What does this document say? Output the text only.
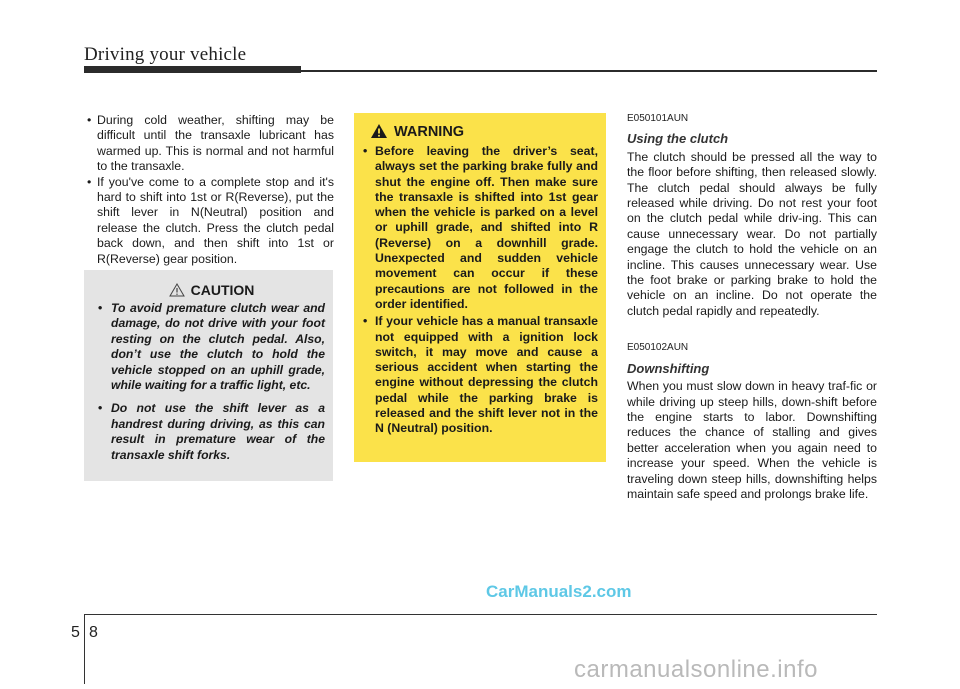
Driving your vehicle
• During cold weather, shifting may be difficult until the transaxle lubricant has warmed up. This is normal and not harmful to the transaxle.
• If you've come to a complete stop and it's hard to shift into 1st or R(Reverse), put the shift lever in N(Neutral) position and release the clutch. Press the clutch pedal back down, and then shift into 1st or R(Reverse) gear position.
CAUTION
• To avoid premature clutch wear and damage, do not drive with your foot resting on the clutch pedal. Also, don’t use the clutch to hold the vehicle stopped on an uphill grade, while waiting for a traffic light, etc.
• Do not use the shift lever as a handrest during driving, as this can result in premature wear of the transaxle shift forks.
WARNING
• Before leaving the driver’s seat, always set the parking brake fully and shut the engine off. Then make sure the transaxle is shifted into 1st gear when the vehicle is parked on a level or uphill grade, and shifted into R (Reverse) on a downhill grade. Unexpected and sudden vehicle movement can occur if these precautions are not followed in the order identified.
• If your vehicle has a manual transaxle not equipped with a ignition lock switch, it may move and cause a serious accident when starting the engine without depressing the clutch pedal while the parking brake is released and the shift lever not in the N (Neutral) position.
E050101AUN
Using the clutch

The clutch should be pressed all the way to the floor before shifting, then released slowly. The clutch pedal should always be fully released while driving. Do not rest your foot on the clutch pedal while driv-ing. This can cause unnecessary wear. Do not partially engage the clutch to hold the vehicle on an incline. This causes unnecessary wear. Use the foot brake or parking brake to hold the vehicle on an incline. Do not operate the clutch pedal rapidly and repeatedly.

E050102AUN
Downshifting

When you must slow down in heavy traf-fic or while driving up steep hills, down-shift before the engine starts to labor. Downshifting reduces the chance of stalling and gives better acceleration when you again need to increase your speed. When the vehicle is traveling down steep hills, downshifting helps maintain safe speed and prolongs brake life.

CarManuals2.com
5 8
carmanualsonline.info
